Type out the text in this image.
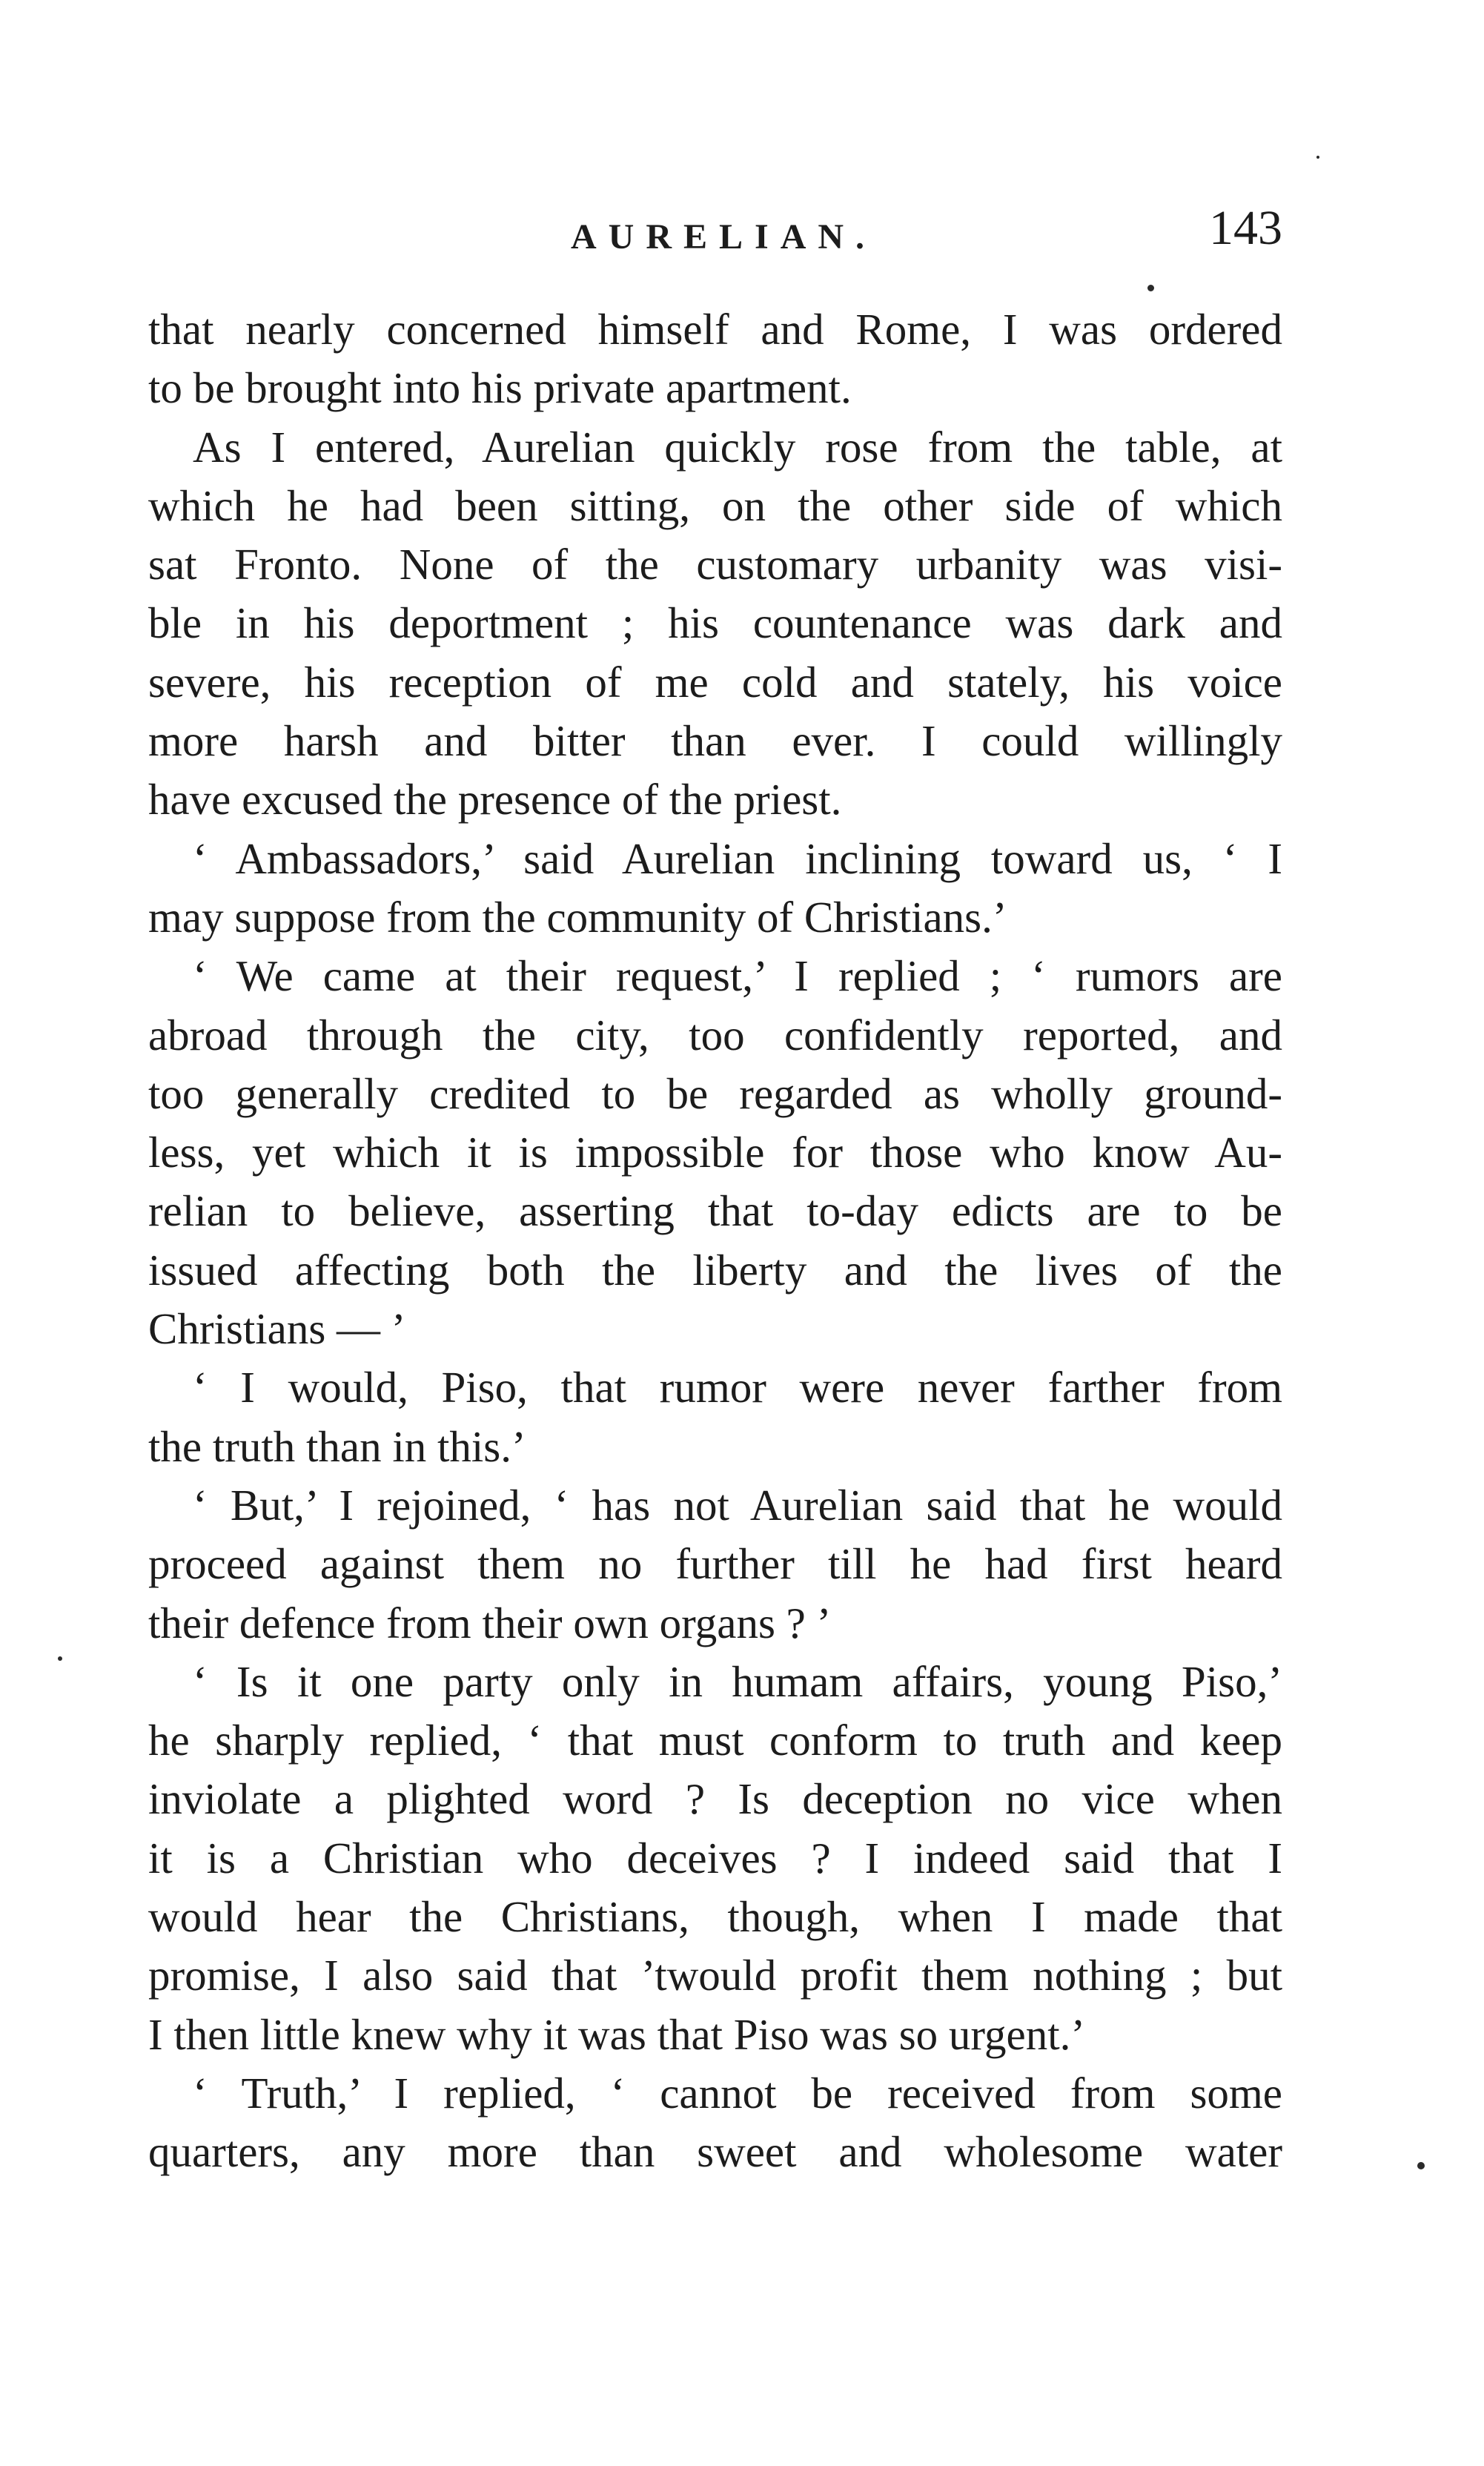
AURELIAN.	143
that nearly concerned himself and Rome, I was ordered
to be brought into his private apartment.
As I entered, Aurelian quickly rose from the table, at
which he had been sitting, on the other side of which
sat Fronto. None of the customary urbanity was visi-
ble in his deportment ; his countenance was dark and
severe, his reception of me cold and stately, his voice
more harsh and bitter than ever. I could willingly
have excused the presence of the priest.
‘ Ambassadors,’ said Aurelian inclining toward us, ‘ I
may suppose from the community of Christians.’
‘ We came at their request,’ I replied ; ‘ rumors are
abroad through the city, too confidently reported, and
too generally credited to be regarded as wholly ground-
less, yet which it is impossible for those who know Au-
relian to believe, asserting that to-day edicts are to be
issued affecting both the liberty and the lives of the
Christians — ’
‘ I would, Piso, that rumor were never farther from
the truth than in this.’
‘ But,’ I rejoined, ‘ has not Aurelian said that he would
proceed against them no further till he had first heard
their defence from their own organs ? ’
‘ Is it one party only in humam affairs, young Piso,’
he sharply replied, ‘ that must conform to truth and keep
inviolate a plighted word ? Is deception no vice when
it is a Christian who deceives ? I indeed said that I
would hear the Christians, though, when I made that
promise, I also said that ’twould profit them nothing ; but
I then little knew why it was that Piso was so urgent.’
‘ Truth,’ I replied, ‘ cannot be received from some
quarters, any more than sweet and wholesome water
